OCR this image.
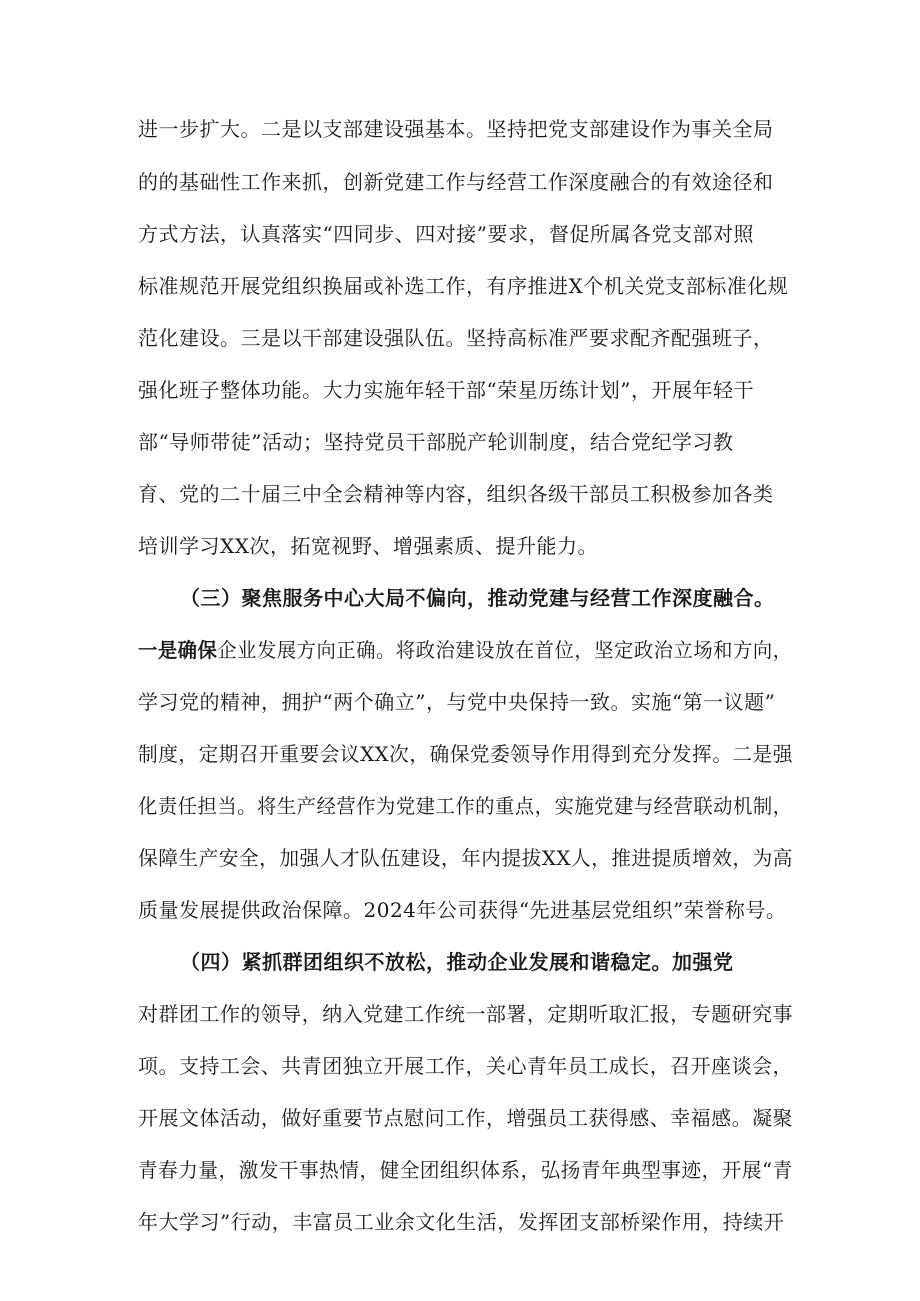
进一步扩大。二是以支部建设强基本。坚持把党支部建设作为事关全局
的的基础性工作来抓，创新党建工作与经营工作深度融合的有效途径和
方式方法，认真落实“四同步、四对接”要求，督促所属各党支部对照
标准规范开展党组织换届或补选工作，有序推进X个机关党支部标准化规
范化建设。三是以干部建设强队伍。坚持高标准严要求配齐配强班子，
强化班子整体功能。大力实施年轻干部“荣星历练计划”，开展年轻干
部“导师带徒”活动；坚持党员干部脱产轮训制度，结合党纪学习教
育、党的二十届三中全会精神等内容，组织各级干部员工积极参加各类
培训学习XX次，拓宽视野、增强素质、提升能力。
（三）聚焦服务中心大局不偏向，推动党建与经营工作深度融合。
一是确保企业发展方向正确。将政治建设放在首位，坚定政治立场和方向，
学习党的精神，拥护“两个确立”，与党中央保持一致。实施“第一议题”
制度，定期召开重要会议XX次，确保党委领导作用得到充分发挥。二是强
化责任担当。将生产经营作为党建工作的重点，实施党建与经营联动机制，
保障生产安全，加强人才队伍建设，年内提拔XX人，推进提质增效，为高
质量发展提供政治保障。2024年公司获得“先进基层党组织”荣誉称号。
（四）紧抓群团组织不放松，推动企业发展和谐稳定。加强党
对群团工作的领导，纳入党建工作统一部署，定期听取汇报，专题研究事
项。支持工会、共青团独立开展工作，关心青年员工成长，召开座谈会，
开展文体活动，做好重要节点慰问工作，增强员工获得感、幸福感。凝聚
青春力量，激发干事热情，健全团组织体系，弘扬青年典型事迹，开展“青
年大学习”行动，丰富员工业余文化生活，发挥团支部桥梁作用，持续开
